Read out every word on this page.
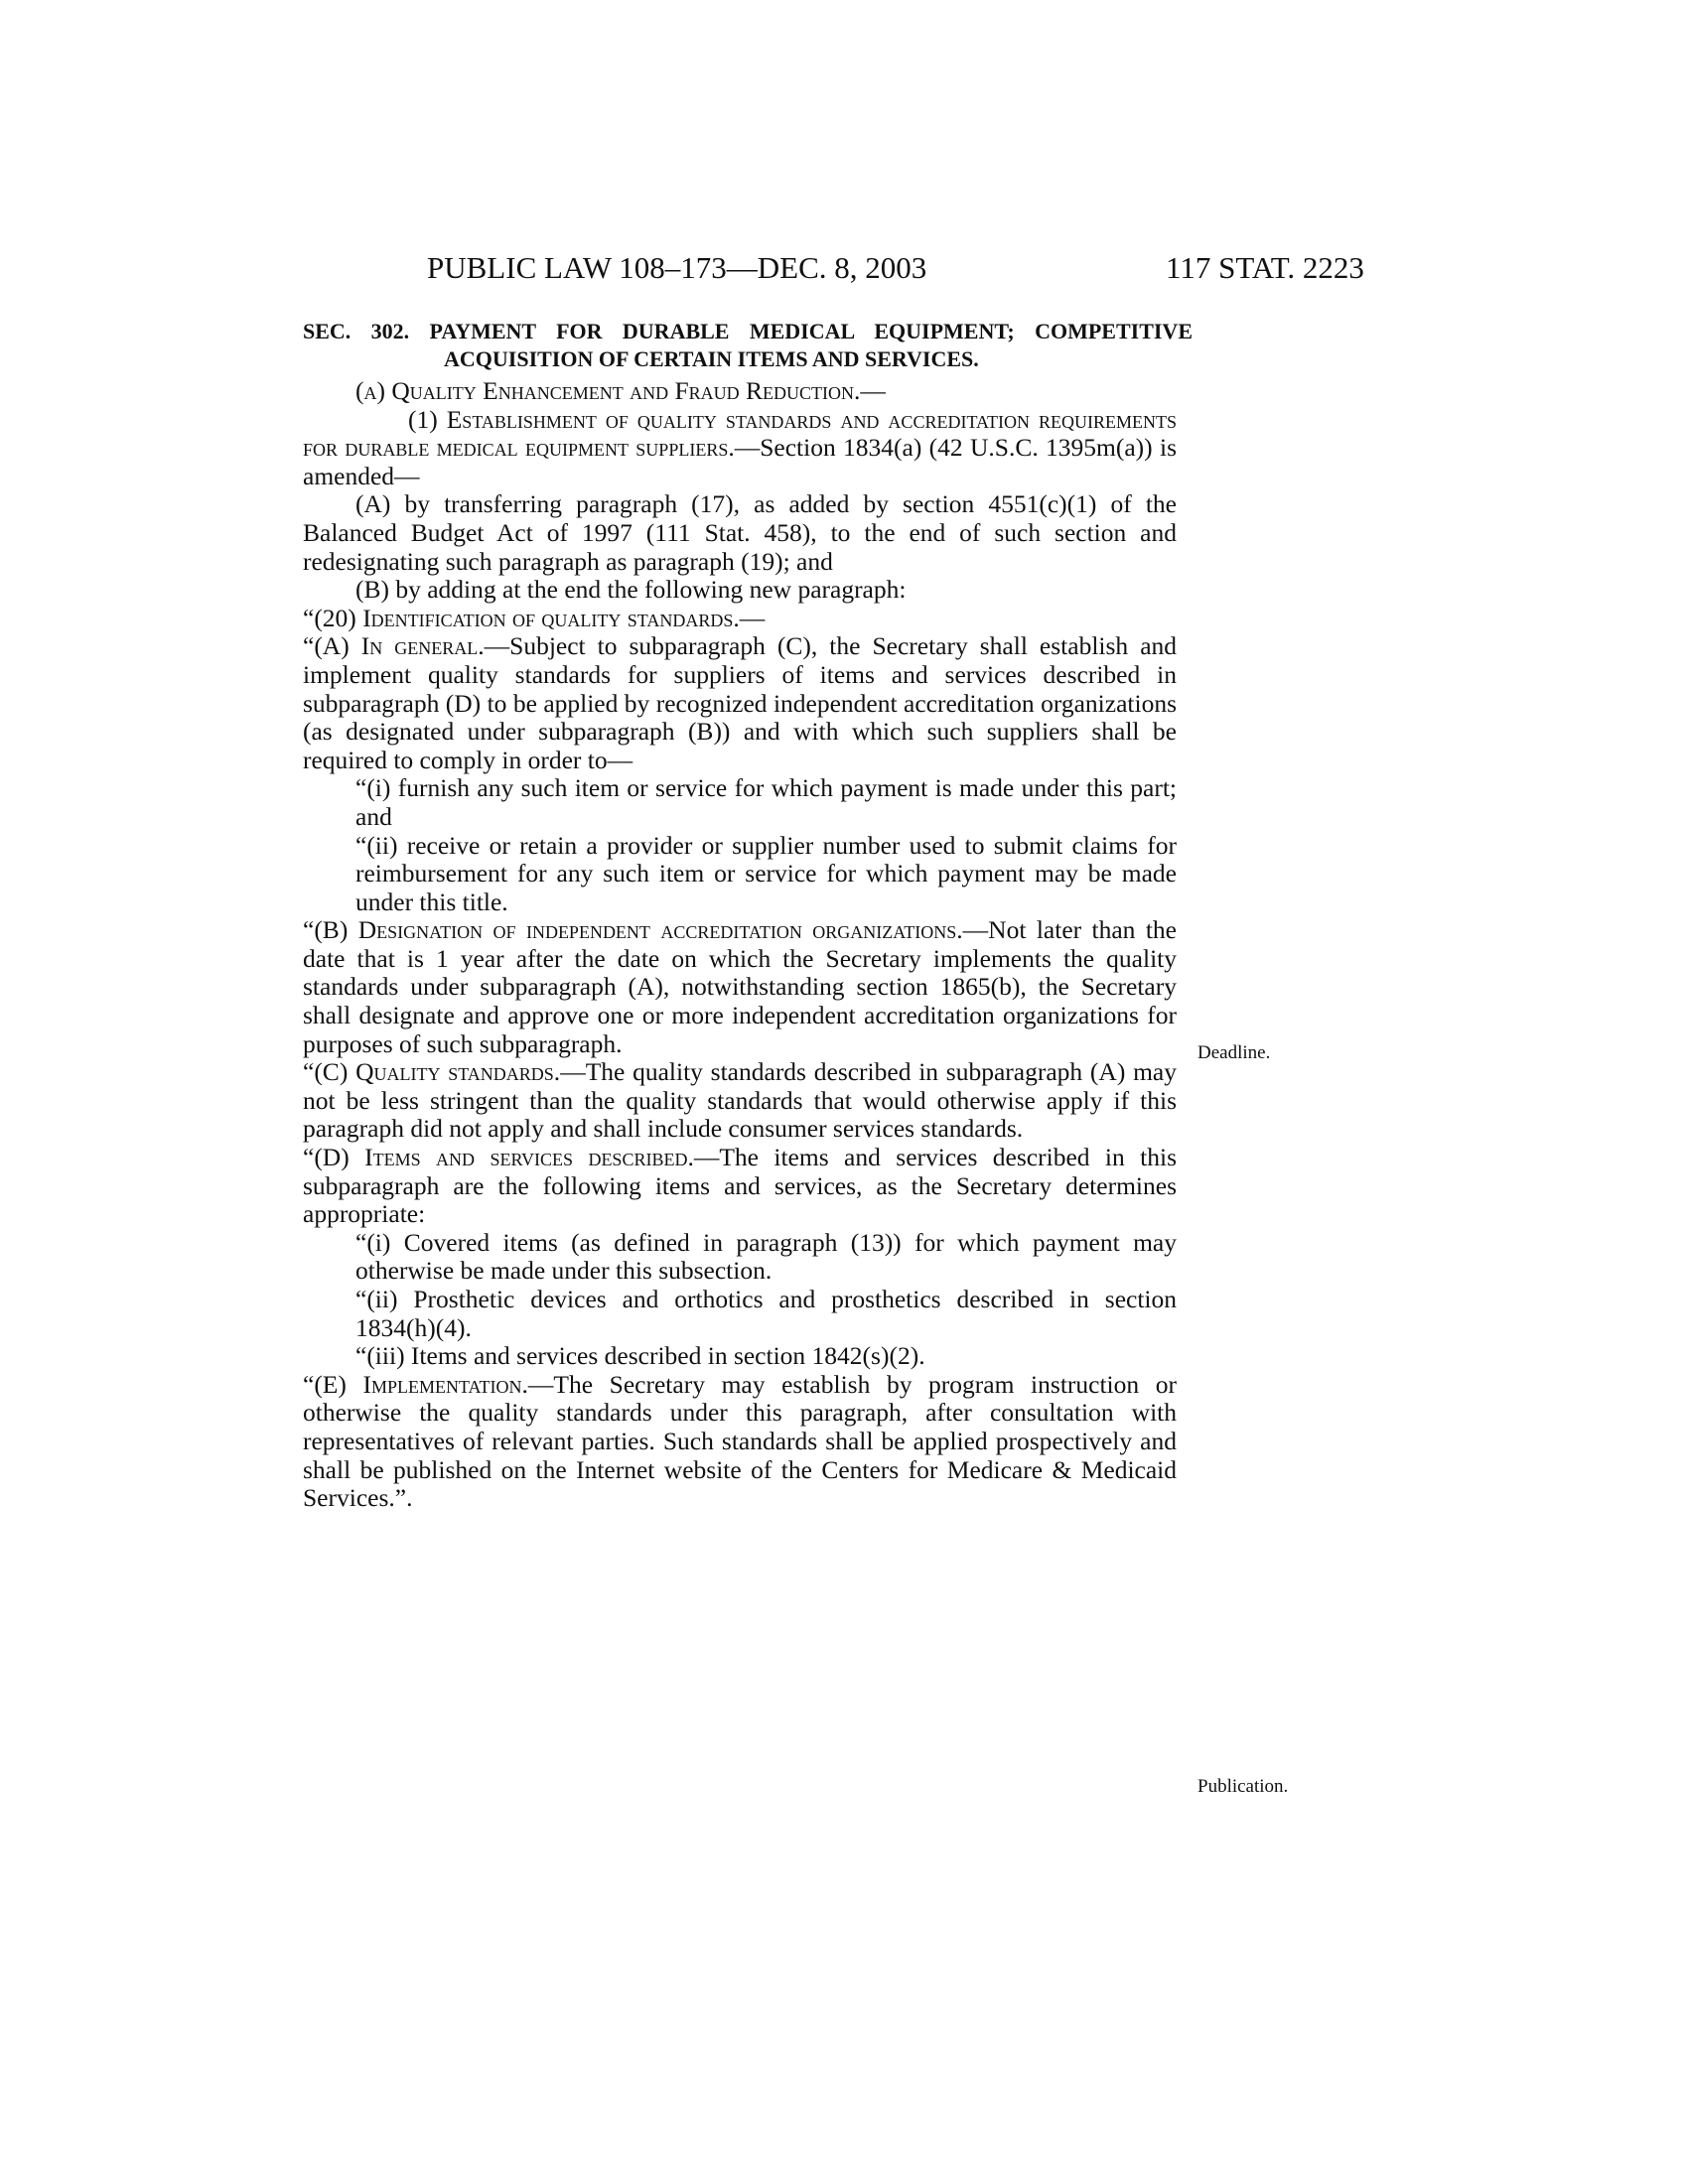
PUBLIC LAW 108–173—DEC. 8, 2003	117 STAT. 2223
SEC. 302. PAYMENT FOR DURABLE MEDICAL EQUIPMENT; COMPETITIVE ACQUISITION OF CERTAIN ITEMS AND SERVICES.

(a) Quality Enhancement and Fraud Reduction.—

(1) Establishment of quality standards and accreditation requirements for durable medical equipment suppliers.—Section 1834(a) (42 U.S.C. 1395m(a)) is amended—

(A) by transferring paragraph (17), as added by section 4551(c)(1) of the Balanced Budget Act of 1997 (111 Stat. 458), to the end of such section and redesignating such paragraph as paragraph (19); and

(B) by adding at the end the following new paragraph:

“(20) Identification of quality standards.—

“(A) In general.—Subject to subparagraph (C), the Secretary shall establish and implement quality standards for suppliers of items and services described in subparagraph (D) to be applied by recognized independent accreditation organizations (as designated under subparagraph (B)) and with which such suppliers shall be required to comply in order to—

“(i) furnish any such item or service for which payment is made under this part; and

“(ii) receive or retain a provider or supplier number used to submit claims for reimbursement for any such item or service for which payment may be made under this title.

“(B) Designation of independent accreditation organizations.—Not later than the date that is 1 year after the date on which the Secretary implements the quality standards under subparagraph (A), notwithstanding section 1865(b), the Secretary shall designate and approve one or more independent accreditation organizations for purposes of such subparagraph.

“(C) Quality standards.—The quality standards described in subparagraph (A) may not be less stringent than the quality standards that would otherwise apply if this paragraph did not apply and shall include consumer services standards.

“(D) Items and services described.—The items and services described in this subparagraph are the following items and services, as the Secretary determines appropriate:

“(i) Covered items (as defined in paragraph (13)) for which payment may otherwise be made under this subsection.

“(ii) Prosthetic devices and orthotics and prosthetics described in section 1834(h)(4).

“(iii) Items and services described in section 1842(s)(2).

“(E) Implementation.—The Secretary may establish by program instruction or otherwise the quality standards under this paragraph, after consultation with representatives of relevant parties. Such standards shall be applied prospectively and shall be published on the Internet website of the Centers for Medicare & Medicaid Services.”.

Deadline.
Publication.
